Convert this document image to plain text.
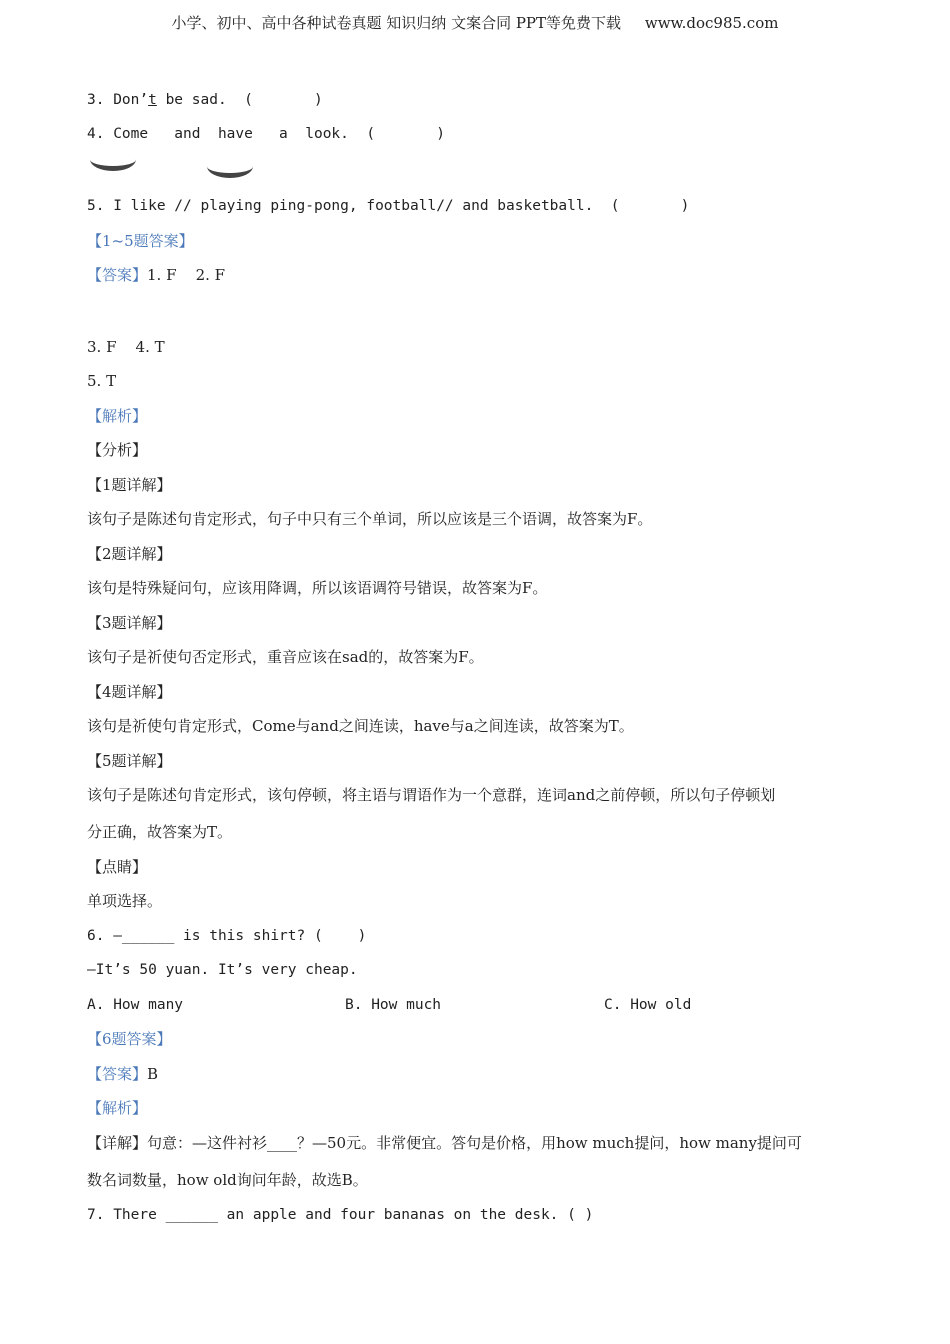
小学、初中、高中各种试卷真题 知识归纳 文案合同 PPT等免费下载     www.doc985.com
3. Don’t be sad.  (       )
4. Come   and  have   a  look.  (       )
5. I like // playing ping-pong, football// and basketball.  (       )
【1~5题答案】
【答案】1. F    2. F
3. F    4. T
5. T
【解析】
【分析】
【1题详解】
该句子是陈述句肯定形式，句子中只有三个单词，所以应该是三个语调，故答案为F。
【2题详解】
该句是特殊疑问句，应该用降调，所以该语调符号错误，故答案为F。
【3题详解】
该句子是祈使句否定形式，重音应该在sad的，故答案为F。
【4题详解】
该句是祈使句肯定形式，Come与and之间连读，have与a之间连读，故答案为T。
【5题详解】
该句子是陈述句肯定形式，该句停顿，将主语与谓语作为一个意群，连词and之前停顿，所以句子停顿划
分正确，故答案为T。
【点睛】
单项选择。
6. —______ is this shirt? (    )
—It’s 50 yuan. It’s very cheap.
A. How many	B. How much	C. How old
【6题答案】
【答案】B
【解析】
【详解】句意：—这件衬衫____？—50元。非常便宜。答句是价格，用how much提问，how many提问可
数名词数量，how old询问年龄，故选B。
7. There ______ an apple and four bananas on the desk. ( )
